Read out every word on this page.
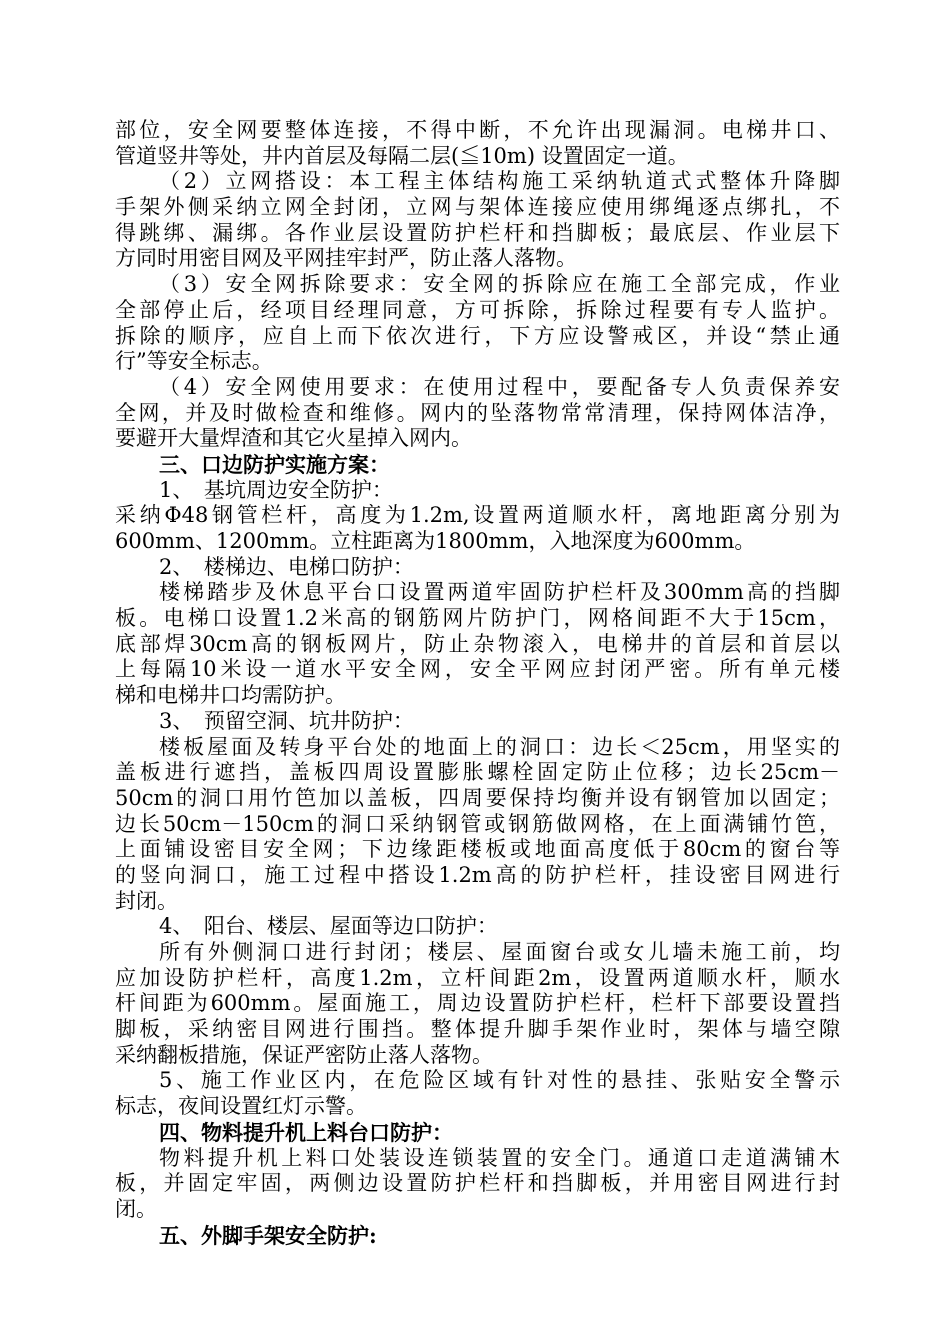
部位，安全网要整体连接，不得中断，不允许出现漏洞。电梯井口、
管道竖井等处，井内首层及每隔二层(≦10m) 设置固定一道。
（2）立网搭设：本工程主体结构施工采纳轨道式式整体升降脚
手架外侧采纳立网全封闭，立网与架体连接应使用绑绳逐点绑扎，不
得跳绑、漏绑。各作业层设置防护栏杆和挡脚板；最底层、作业层下
方同时用密目网及平网挂牢封严，防止落人落物。
（3）安全网拆除要求：安全网的拆除应在施工全部完成，作业
全部停止后，经项目经理同意，方可拆除，拆除过程要有专人监护。
拆除的顺序，应自上而下依次进行，下方应设警戒区，并设“禁止通
行”等安全标志。
（4）安全网使用要求：在使用过程中，要配备专人负责保养安
全网，并及时做检查和维修。网内的坠落物常常清理，保持网体洁净，
要避开大量焊渣和其它火星掉入网内。
三、口边防护实施方案：
1、　基坑周边安全防护：
采纳Φ48钢管栏杆，高度为1.2m,设置两道顺水杆，离地距离分别为
600mm、1200mm。立柱距离为1800mm，入地深度为600mm。
2、　楼梯边、电梯口防护：
楼梯踏步及休息平台口设置两道牢固防护栏杆及300mm高的挡脚
板。电梯口设置1.2米高的钢筋网片防护门，网格间距不大于15cm，
底部焊30cm高的钢板网片，防止杂物滚入，电梯井的首层和首层以
上每隔10米设一道水平安全网，安全平网应封闭严密。所有单元楼
梯和电梯井口均需防护。
3、　预留空洞、坑井防护：
楼板屋面及转身平台处的地面上的洞口：边长＜25cm，用坚实的
盖板进行遮挡，盖板四周设置膨胀螺栓固定防止位移；边长25cm－
50cm的洞口用竹笆加以盖板，四周要保持均衡并设有钢管加以固定；
边长50cm－150cm的洞口采纳钢管或钢筋做网格，在上面满铺竹笆，
上面铺设密目安全网；下边缘距楼板或地面高度低于80cm的窗台等
的竖向洞口，施工过程中搭设1.2m高的防护栏杆，挂设密目网进行
封闭。
4、　阳台、楼层、屋面等边口防护：
所有外侧洞口进行封闭；楼层、屋面窗台或女儿墙未施工前，均
应加设防护栏杆，高度1.2m，立杆间距2m，设置两道顺水杆，顺水
杆间距为600mm。屋面施工，周边设置防护栏杆，栏杆下部要设置挡
脚板，采纳密目网进行围挡。整体提升脚手架作业时，架体与墙空隙
采纳翻板措施，保证严密防止落人落物。
5、施工作业区内，在危险区域有针对性的悬挂、张贴安全警示
标志，夜间设置红灯示警。
四、物料提升机上料台口防护：
物料提升机上料口处装设连锁装置的安全门。通道口走道满铺木
板，并固定牢固，两侧边设置防护栏杆和挡脚板，并用密目网进行封
闭。
五、外脚手架安全防护:
